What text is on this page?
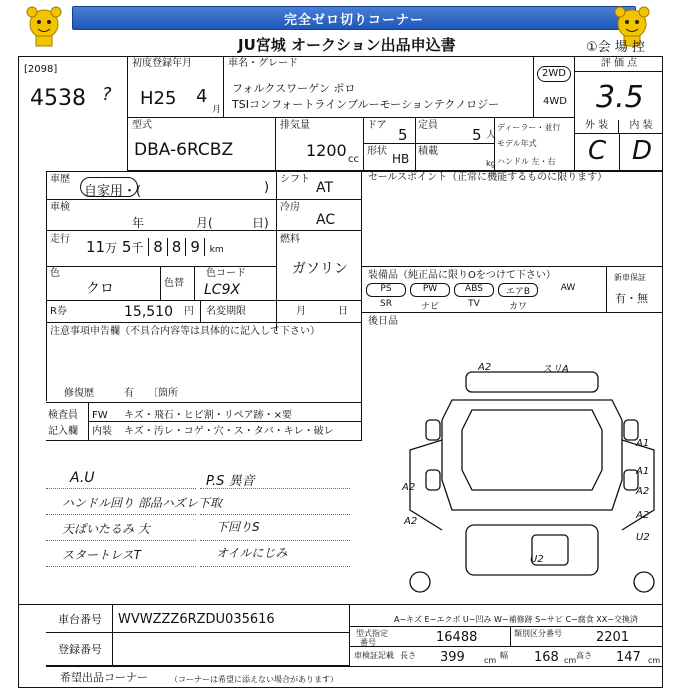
完全ゼロ切りコーナー
JU宮城 オークション出品申込書	①会 場 控
[2098]
4538 ?
初度登録年月
H25 4
月
車名・グレード
フォルクスワーゲン ポロ
TSIコンフォートラインブルーモーションテクノロジー
2WD
4WD
評 価 点
3.5
型式
DBA-6RCBZ
排気量
1200 cc
ドア
5
定員
5 人
形状
HB
積載
kg
ディーラー・並行
モデル年式
ハンドル 左・右
外 装	内 装
C D
車歴
自家用・(	)
シフト
AT
セールスポイント（正常に機能するものに限ります）
車検
年	月(	日)
冷房
AC
走行 11万 5千 8 8 9 km
燃料
ガソリン
色
クロ	色替
色コード
LC9X
R券	15,510 円 名変期限	月	日
注意事項申告欄（不具合内容等は具体的に記入して下さい）
修復歴	有 〔箇所
装備品（純正品に限りOをつけて下さい）	新車保証
有・無
PS	PW	ABS	エアB	AW
SR	ナビ	TV	カワ
後日品
検査員
記入欄
FW キズ・飛石・ヒビ割・リペア跡・×要
内装 キズ・汚レ・コゲ・穴・ス・タバ・キレ・破レ
A.U
ハンドル回り 部品ハズレ下取
天ぱいたるみ 大
スタートレスT
P.S 異音
下回りS
オイルにじみ
A2	スリA
A2
A1
A2
A1
A2
U2
A2
U2
A−キズ E−エクボ U−凹み W−補修跡 S−サビ C−腐食 XX−交換済
車台番号 WVWZZZ6RZDU035616
登録番号
型式指定
番号	16488	類別区分番号	2201
車検証記載 長さ 399 cm
幅 168 cm
高さ 147 cm
希望出品コーナー	（コーナーは希望に添えない場合があります）
